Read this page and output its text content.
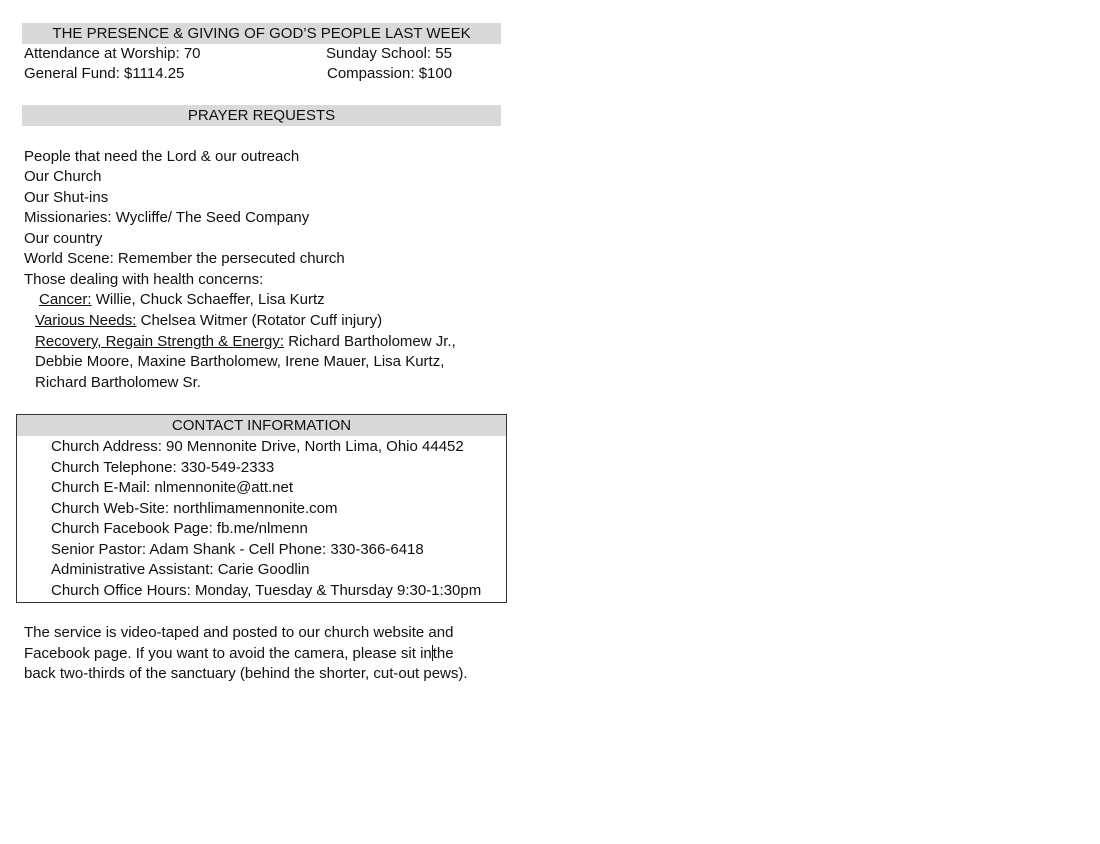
THE PRESENCE & GIVING OF GOD’S PEOPLE LAST WEEK
Attendance at Worship: 70	Sunday School: 55
General Fund: $1114.25	Compassion: $100
PRAYER REQUESTS
People that need the Lord & our outreach
Our Church
Our Shut-ins
Missionaries: Wycliffe/ The Seed Company
Our country
World Scene: Remember the persecuted church
Those dealing with health concerns:
Cancer: Willie, Chuck Schaeffer, Lisa Kurtz
Various Needs: Chelsea Witmer (Rotator Cuff injury)
Recovery, Regain Strength & Energy: Richard Bartholomew Jr.,
Debbie Moore, Maxine Bartholomew, Irene Mauer, Lisa Kurtz,
Richard Bartholomew Sr.
CONTACT INFORMATION
Church Address: 90 Mennonite Drive, North Lima, Ohio 44452
Church Telephone: 330-549-2333
Church E-Mail: nlmennonite@att.net
Church Web-Site: northlimamennonite.com
Church Facebook Page: fb.me/nlmenn
Senior Pastor: Adam Shank - Cell Phone: 330-366-6418
Administrative Assistant: Carie Goodlin
Church Office Hours: Monday, Tuesday & Thursday 9:30-1:30pm
The service is video-taped and posted to our church website and
Facebook page. If you want to avoid the camera, please sit inthe
back two-thirds of the sanctuary (behind the shorter, cut-out pews).
